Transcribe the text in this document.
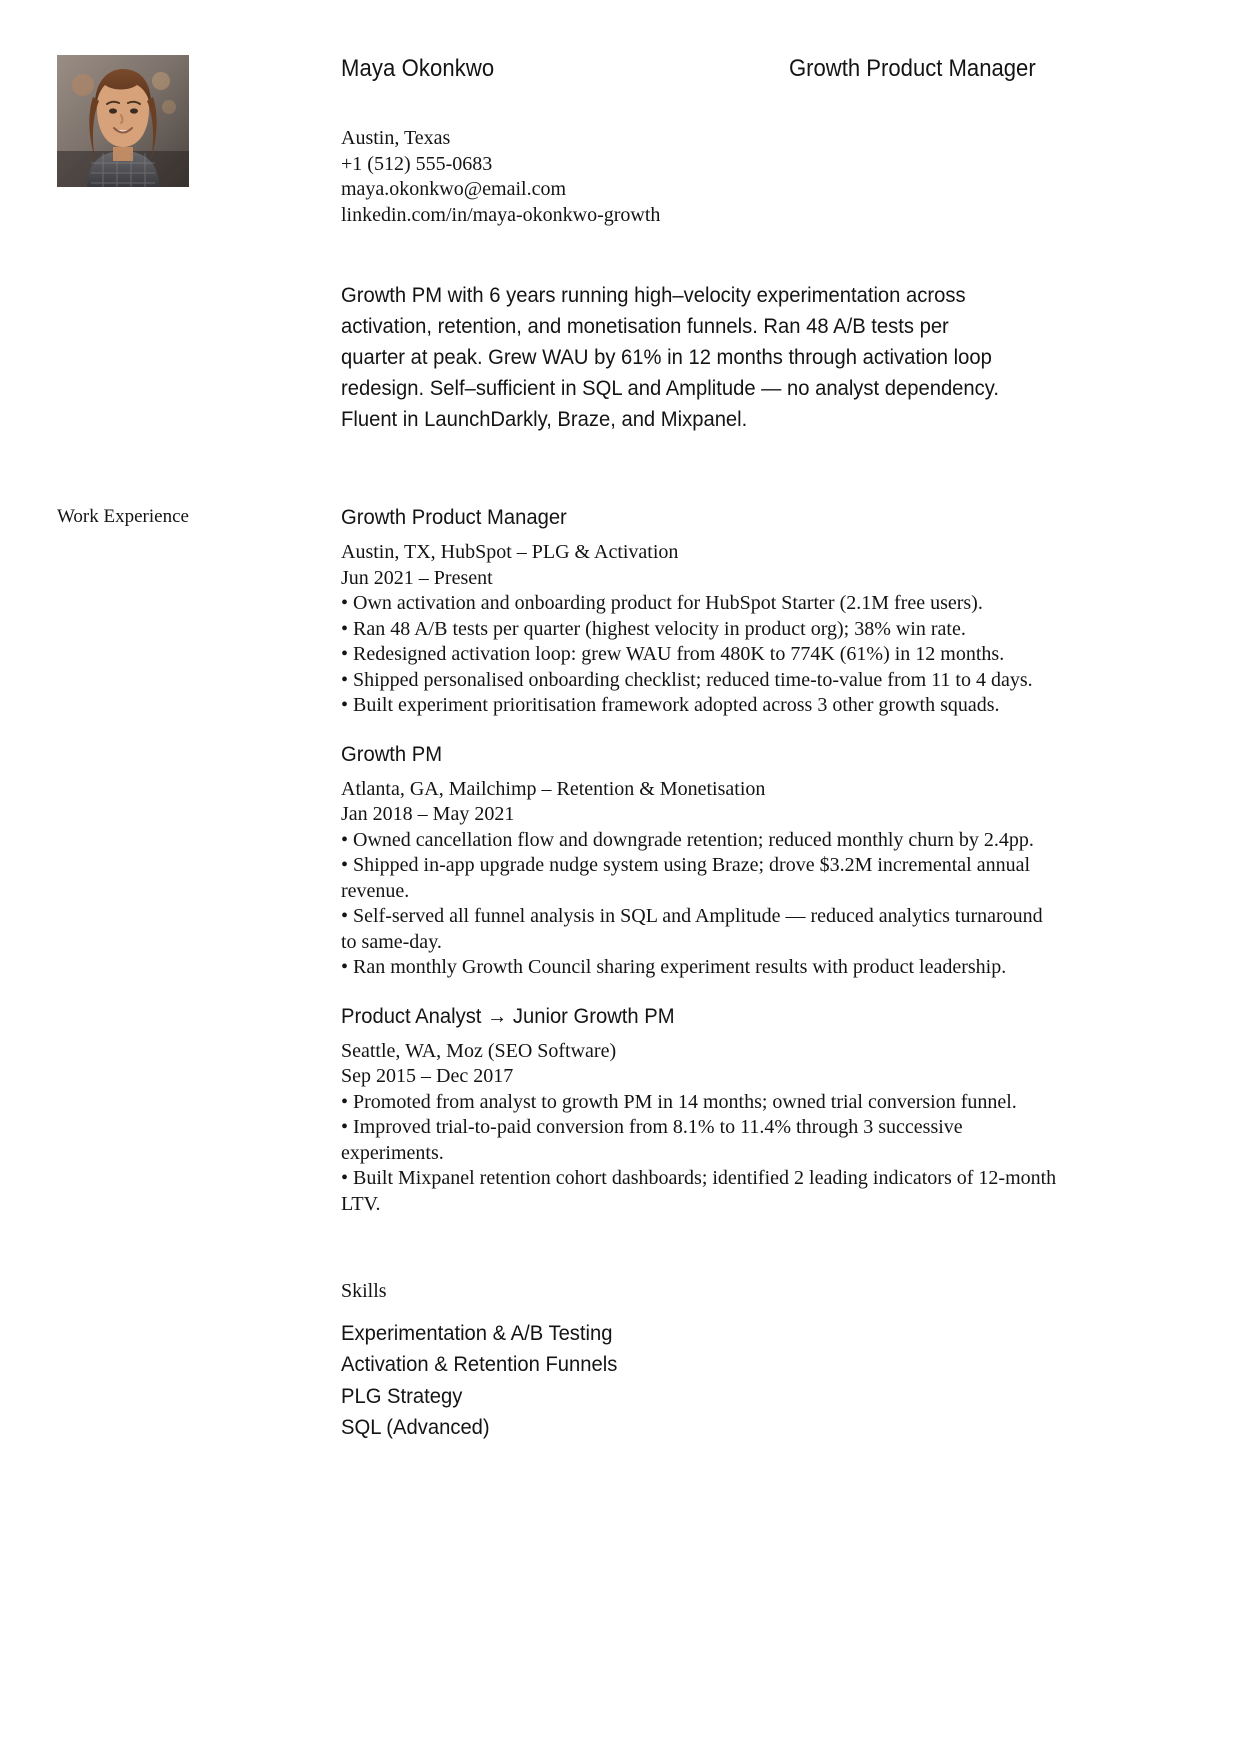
Maya Okonkwo	Growth Product Manager
Austin, Texas
+1 (512) 555-0683
maya.okonkwo@email.com
linkedin.com/in/maya-okonkwo-growth
Growth PM with 6 years running high–velocity experimentation across activation, retention, and monetisation funnels. Ran 48 A/B tests per quarter at peak. Grew WAU by 61% in 12 months through activation loop redesign. Self–sufficient in SQL and Amplitude — no analyst dependency. Fluent in LaunchDarkly, Braze, and Mixpanel.
Work Experience	Growth Product Manager
Austin, TX, HubSpot – PLG & Activation
Jun 2021 – Present
• Own activation and onboarding product for HubSpot Starter (2.1M free users).
• Ran 48 A/B tests per quarter (highest velocity in product org); 38% win rate.
• Redesigned activation loop: grew WAU from 480K to 774K (61%) in 12 months.
• Shipped personalised onboarding checklist; reduced time-to-value from 11 to 4 days.
• Built experiment prioritisation framework adopted across 3 other growth squads.
Growth PM
Atlanta, GA, Mailchimp – Retention & Monetisation
Jan 2018 – May 2021
• Owned cancellation flow and downgrade retention; reduced monthly churn by 2.4pp.
• Shipped in-app upgrade nudge system using Braze; drove $3.2M incremental annual revenue.
• Self-served all funnel analysis in SQL and Amplitude — reduced analytics turnaround to same-day.
• Ran monthly Growth Council sharing experiment results with product leadership.
Product Analyst → Junior Growth PM
Seattle, WA, Moz (SEO Software)
Sep 2015 – Dec 2017
• Promoted from analyst to growth PM in 14 months; owned trial conversion funnel.
• Improved trial-to-paid conversion from 8.1% to 11.4% through 3 successive experiments.
• Built Mixpanel retention cohort dashboards; identified 2 leading indicators of 12-month LTV.
Skills
Experimentation & A/B Testing
Activation & Retention Funnels
PLG Strategy
SQL (Advanced)
